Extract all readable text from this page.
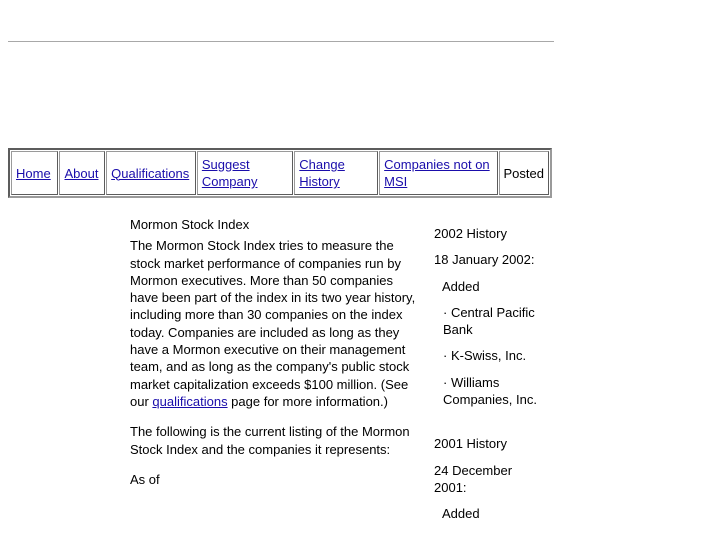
Home	About	Qualifications	Suggest Company	Change History	Companies not on MSI	Posted

Mormon Stock Index

The Mormon Stock Index tries to measure the stock market performance of companies run by Mormon executives. More than 50 companies have been part of the index in its two year history, including more than 30 companies on the index today. Companies are included as long as they have a Mormon executive on their management team, and as long as the company's public stock market capitalization exceeds $100 million. (See our qualifications page for more information.)

The following is the current listing of the Mormon Stock Index and the companies it represents:

As of

2002 History

18 January 2002:

Added

· Central Pacific Bank

· K-Swiss, Inc.

· Williams Companies, Inc.

2001 History

24 December 2001:

Added
